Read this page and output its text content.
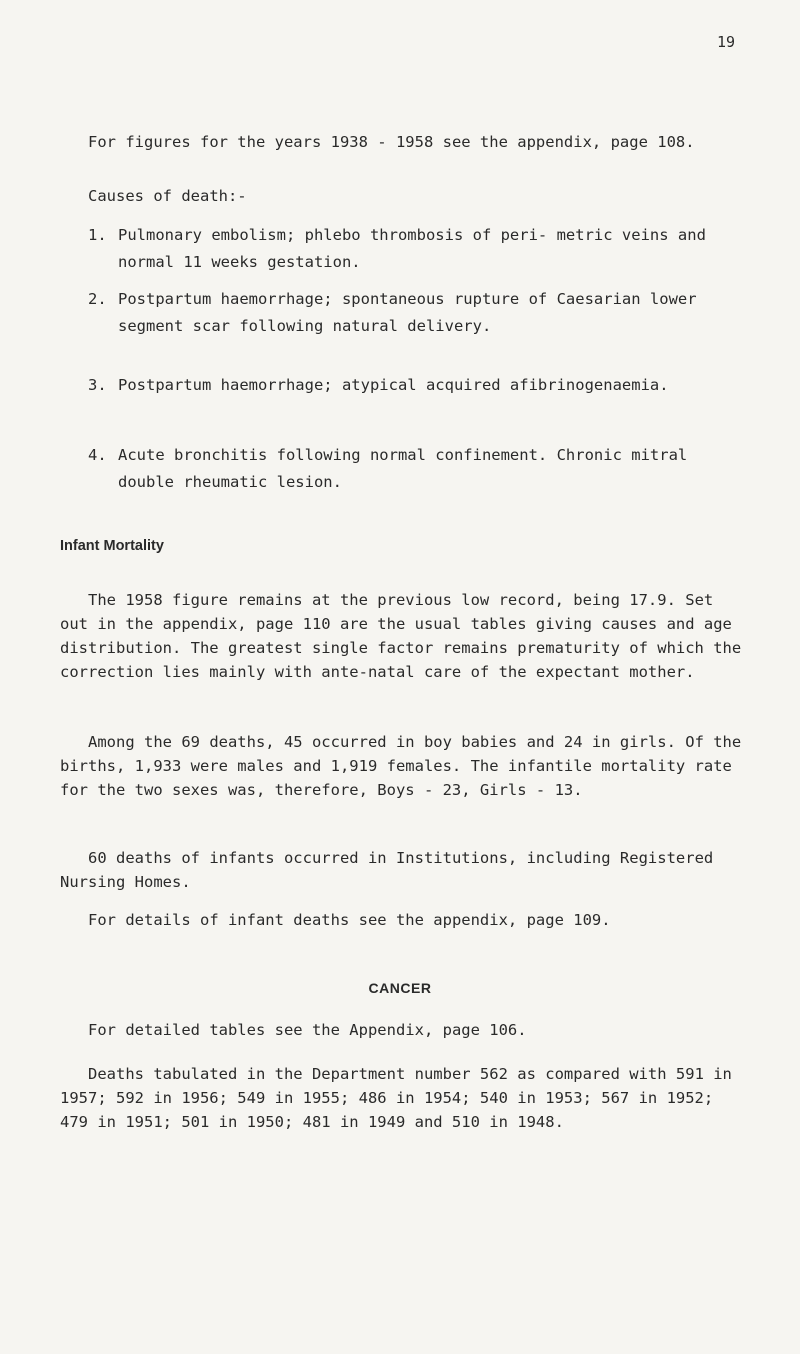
19

For figures for the years 1938 - 1958 see the appendix, page 108.

Causes of death:-

1. Pulmonary embolism; phlebo thrombosis of peri- metric veins and normal 11 weeks gestation.
2. Postpartum haemorrhage; spontaneous rupture of Caesarian lower segment scar following natural delivery.
3. Postpartum haemorrhage; atypical acquired afibrinogenaemia.
4. Acute bronchitis following normal confinement. Chronic mitral double rheumatic lesion.
Infant Mortality

The 1958 figure remains at the previous low record, being 17.9. Set out in the appendix, page 110 are the usual tables giving causes and age distribution. The greatest single factor remains prematurity of which the correction lies mainly with ante-natal care of the expectant mother.

Among the 69 deaths, 45 occurred in boy babies and 24 in girls. Of the births, 1,933 were males and 1,919 females. The infantile mortality rate for the two sexes was, therefore, Boys - 23, Girls - 13.

60 deaths of infants occurred in Institutions, including Registered Nursing Homes.

For details of infant deaths see the appendix, page 109.

CANCER

For detailed tables see the Appendix, page 106.

Deaths tabulated in the Department number 562 as compared with 591 in 1957; 592 in 1956; 549 in 1955; 486 in 1954; 540 in 1953; 567 in 1952; 479 in 1951; 501 in 1950; 481 in 1949 and 510 in 1948.
